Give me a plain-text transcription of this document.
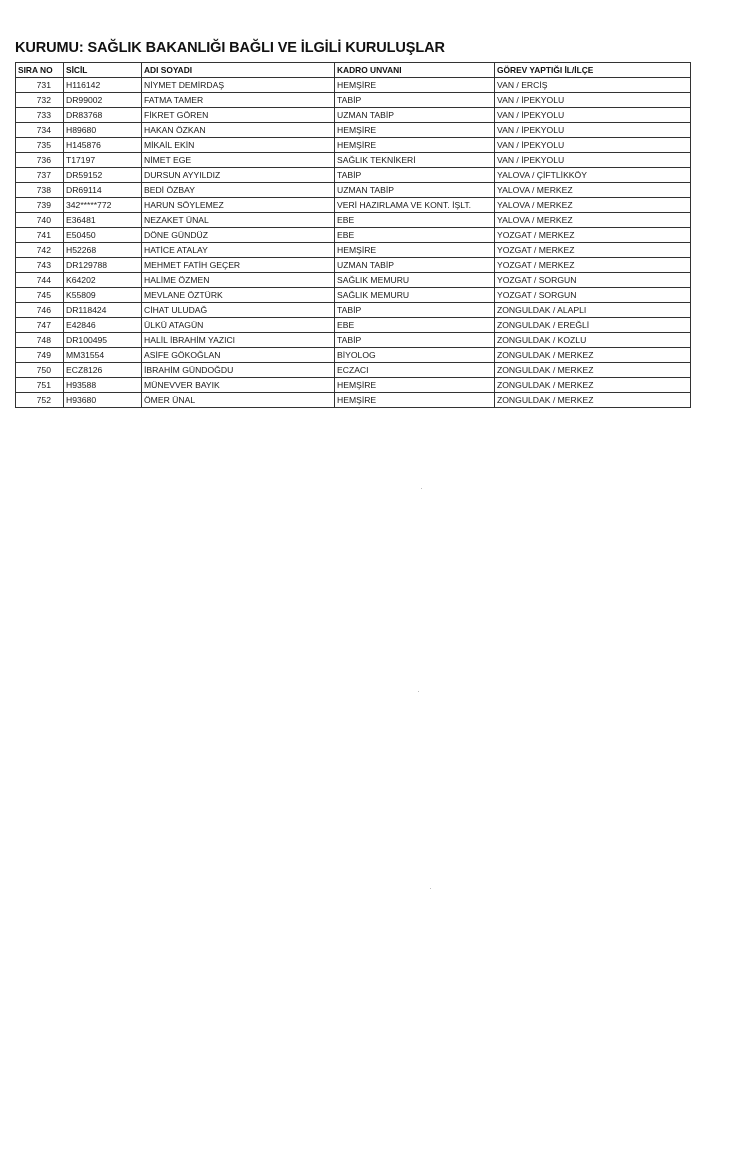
KURUMU: SAĞLIK BAKANLIĞI BAĞLI VE İLGİLİ KURULUŞLAR
SIRA NO	SİCİL	ADI SOYADI	KADRO UNVANI	GÖREV YAPTIĞI İL/İLÇE
731	H116142	NİYMET DEMİRDAŞ	HEMŞİRE	VAN / ERCİŞ
732	DR99002	FATMA TAMER	TABİP	VAN / İPEKYOLU
733	DR83768	FİKRET GÖREN	UZMAN TABİP	VAN / İPEKYOLU
734	H89680	HAKAN ÖZKAN	HEMŞİRE	VAN / İPEKYOLU
735	H145876	MİKAİL EKİN	HEMŞİRE	VAN / İPEKYOLU
736	T17197	NİMET EGE	SAĞLIK TEKNİKERİ	VAN / İPEKYOLU
737	DR59152	DURSUN AYYILDIZ	TABİP	YALOVA / ÇİFTLİKKÖY
738	DR69114	BEDİ ÖZBAY	UZMAN TABİP	YALOVA / MERKEZ
739	342*****772	HARUN SÖYLEMEZ	VERİ HAZIRLAMA VE KONT. İŞLT.	YALOVA / MERKEZ
740	E36481	NEZAKET ÜNAL	EBE	YALOVA / MERKEZ
741	E50450	DÖNE GÜNDÜZ	EBE	YOZGAT / MERKEZ
742	H52268	HATİCE ATALAY	HEMŞİRE	YOZGAT / MERKEZ
743	DR129788	MEHMET FATİH GEÇER	UZMAN TABİP	YOZGAT / MERKEZ
744	K64202	HALİME ÖZMEN	SAĞLIK MEMURU	YOZGAT / SORGUN
745	K55809	MEVLANE ÖZTÜRK	SAĞLIK MEMURU	YOZGAT / SORGUN
746	DR118424	CİHAT ULUDAĞ	TABİP	ZONGULDAK / ALAPLI
747	E42846	ÜLKÜ ATAGÜN	EBE	ZONGULDAK / EREĞLİ
748	DR100495	HALİL İBRAHİM YAZICI	TABİP	ZONGULDAK / KOZLU
749	MM31554	ASİFE GÖKOĞLAN	BİYOLOG	ZONGULDAK / MERKEZ
750	ECZ8126	İBRAHİM GÜNDOĞDU	ECZACI	ZONGULDAK / MERKEZ
751	H93588	MÜNEVVER BAYIK	HEMŞİRE	ZONGULDAK / MERKEZ
752	H93680	ÖMER ÜNAL	HEMŞİRE	ZONGULDAK / MERKEZ
